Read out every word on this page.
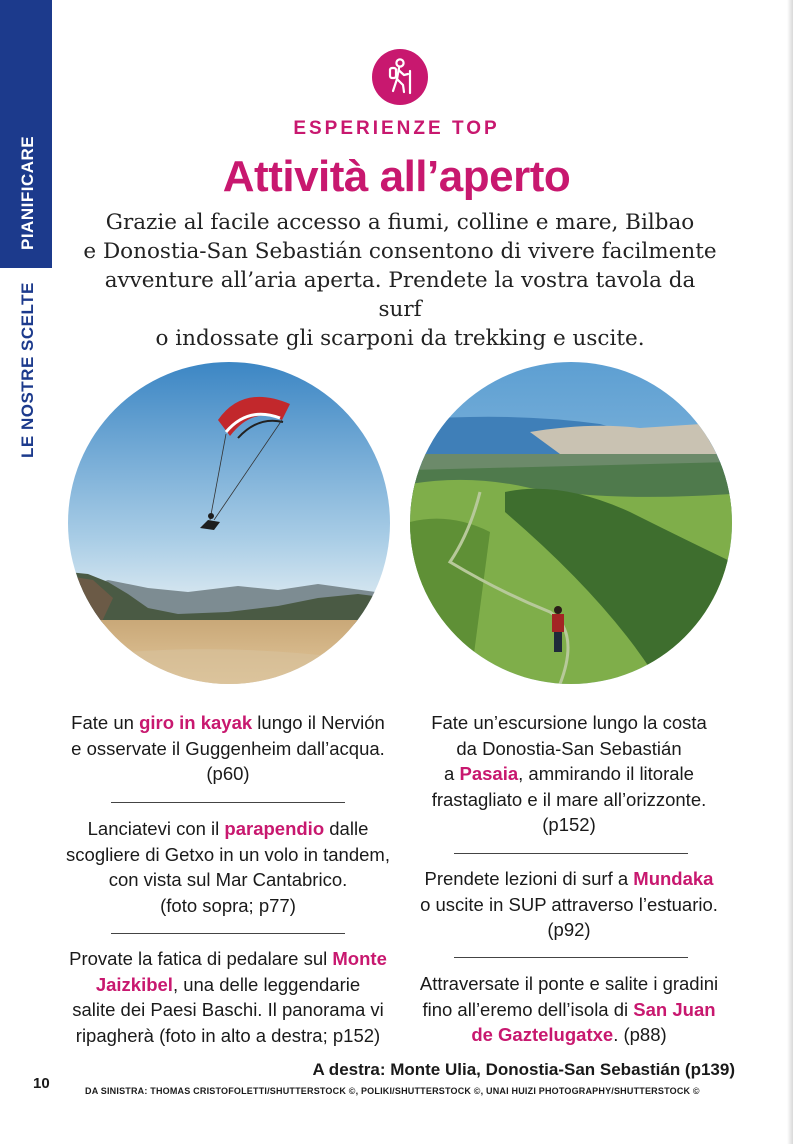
PIANIFICARE
LE NOSTRE SCELTE
ESPERIENZE TOP
Attività all’aperto
Grazie al facile accesso a fiumi, colline e mare, Bilbao
e Donostia-San Sebastián consentono di vivere facilmente
avventure all’aria aperta. Prendete la vostra tavola da surf
o indossate gli scarponi da trekking e uscite.
Fate un giro in kayak lungo il Nervión
e osservate il Guggenheim dall’acqua.
(p60)
Lanciatevi con il parapendio dalle
scogliere di Getxo in un volo in tandem,
con vista sul Mar Cantabrico.
(foto sopra; p77)
Provate la fatica di pedalare sul Monte
Jaizkibel, una delle leggendarie
salite dei Paesi Baschi. Il panorama vi
ripagherà (foto in alto a destra; p152)
Fate un’escursione lungo la costa
da Donostia-San Sebastián
a Pasaia, ammirando il litorale
frastagliato e il mare all’orizzonte.
(p152)
Prendete lezioni di surf a Mundaka
o uscite in SUP attraverso l’estuario.
(p92)
Attraversate il ponte e salite i gradini
fino all’eremo dell’isola di San Juan
de Gaztelugatxe. (p88)
A destra: Monte Ulia, Donostia-San Sebastián (p139)
10	DA SINISTRA: THOMAS CRISTOFOLETTI/SHUTTERSTOCK ©, POLIKI/SHUTTERSTOCK ©, UNAI HUIZI PHOTOGRAPHY/SHUTTERSTOCK ©
